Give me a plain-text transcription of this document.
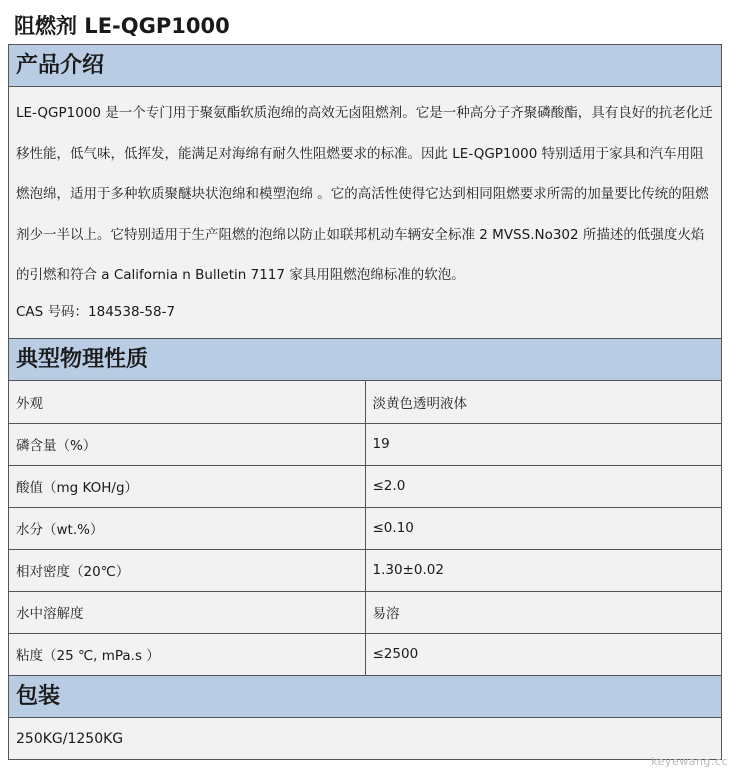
阻燃剂 LE-QGP1000
产品介绍

LE-QGP1000 是一个专门用于聚氨酯软质泡绵的高效无卤阻燃剂。它是一种高分子齐聚磷酸酯，具有良好的抗老化迁移性能，低气味，低挥发，能满足对海绵有耐久性阻燃要求的标准。因此 LE-QGP1000 特别适用于家具和汽车用阻燃泡绵，适用于多种软质聚醚块状泡绵和模塑泡绵 。它的高活性使得它达到相同阻燃要求所需的加量要比传统的阻燃剂少一半以上。它特别适用于生产阻燃的泡绵以防止如联邦机动车辆安全标准 2 MVSS.No302 所描述的低强度火焰的引燃和符合 a California n Bulletin 7117 家具用阻燃泡绵标准的软泡。

CAS 号码：184538-58-7
典型物理性质
外观	淡黄色透明液体
磷含量（%）	19
酸值（mg KOH/g）	≤2.0
水分（wt.%）	≤0.10
相对密度（20℃）	1.30±0.02
水中溶解度	易溶
粘度（25 ℃, mPa.s ）	≤2500
包装
250KG/1250KG
keyewang.cc
